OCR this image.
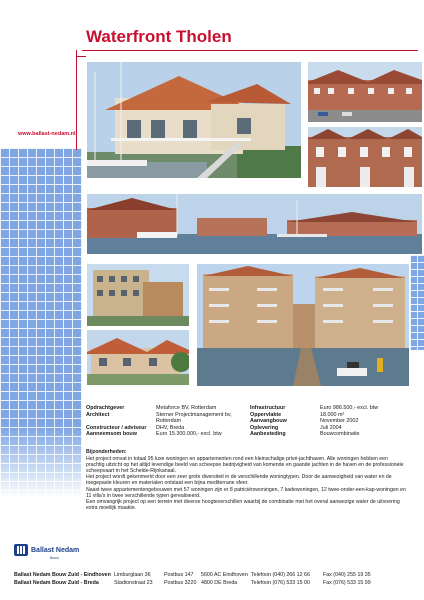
Waterfront Tholen
www.ballast-nedam.nl
Opdrachtgever	Metaforce BV, Rotterdam
Architect	Sterner Projectmanagement bv,
Rotterdam
Constructeur / adviseur	DHV, Breda
Aanneemsom bouw	Euro 15.300.000,- excl. btw
Infrastructuur	Euro 986.500,- excl. btw
Oppervlakte	18.000 m²
Aanvangbouw	November 2002
Oplevering	Juli 2004
Aanbesteding	Bouwcombinatie
Bijzonderheden:

Het project omvat in totaal 95 luxe woningen en appartementen rond een kleinschalige privé-jachthaven. Alle woningen hebben een prachtig uitzicht op het altijd levendige beeld van scheepse bedrijvigheid van komende en gaande jachten in de haven en de professionele scheepvaart in het Schelde-Rijnkanaal.

Het project wordt gekenmerkt door een zeer grote diversiteit in de verschillende woningtypen. Door de aanwezigheid van water en de toegepaste kleuren en materialen ontstaat een bijna mediterrane sfeer.

Naast twee appartementengebouwen met 57 woningen zijn er 8 patriciërswoningen, 7 kadewoningen, 12 twee-onder-een-kap-woningen en 11 villa's in twee verschillende typen gerealiseerd.

Een omvangrijk project op een terrein met diverse hoogteverschillen waarbij de combinatie met het overal aanwezige water de uitvoering extra moeilijk maakte.

Ballast Nedam
Bouw
Ballast Nedam Bouw Zuid - Eindhoven Limburglaan 36	Postbus 147	5600 AC Eindhoven Telefoon (040) 266 12 66	Fax (040) 255 19 35
Ballast Nedam Bouw Zuid - Breda	Stadionstraat 23	Postbus 3220 4800 DE Breda	Telefoon (076) 533 15 00	Fax (076) 533 15 99
